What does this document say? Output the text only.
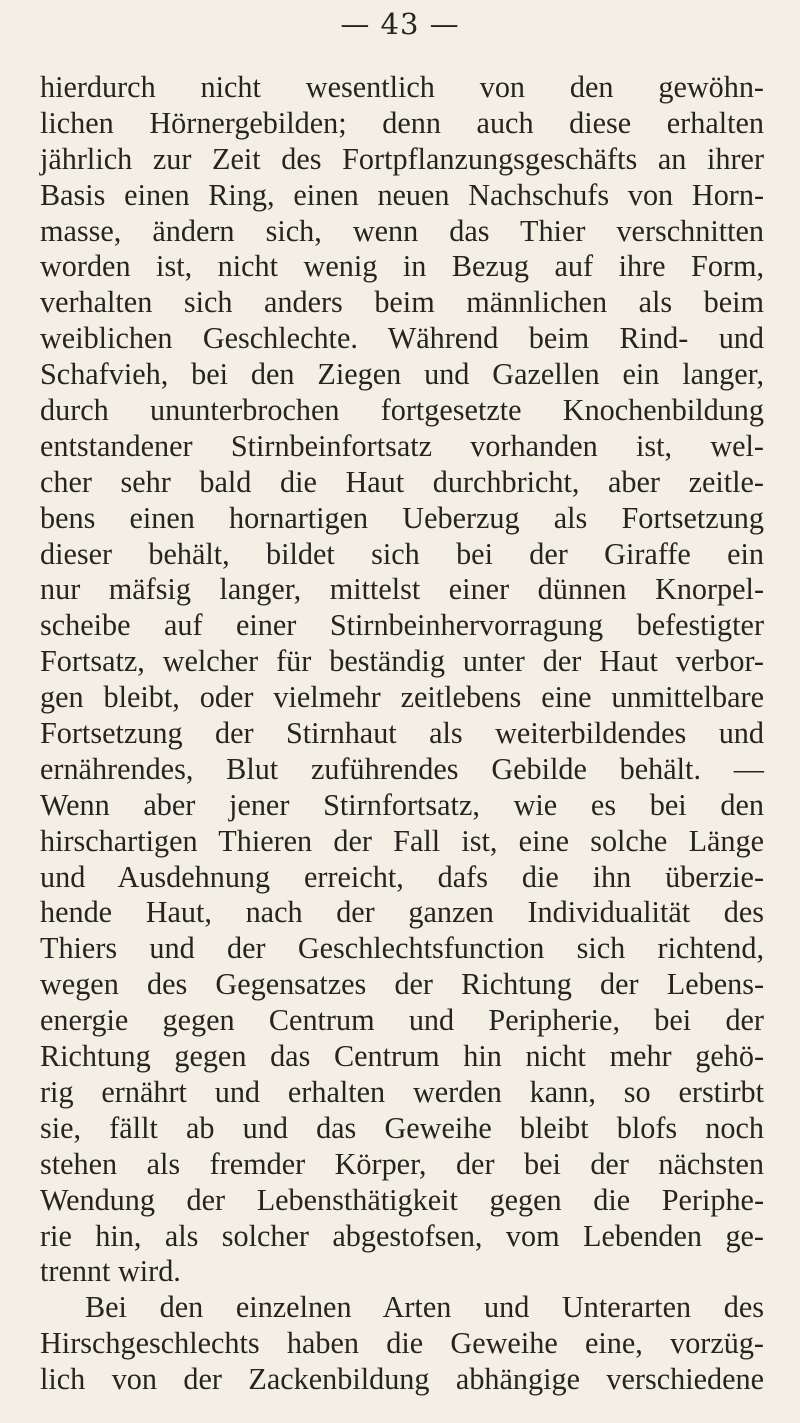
— 43 —
hierdurch nicht wesentlich von den gewöhn-
lichen Hörnergebilden; denn auch diese erhalten
jährlich zur Zeit des Fortpflanzungsgeschäfts an ihrer
Basis einen Ring, einen neuen Nachschufs von Horn-
masse, ändern sich, wenn das Thier verschnitten
worden ist, nicht wenig in Bezug auf ihre Form,
verhalten sich anders beim männlichen als beim
weiblichen Geschlechte. Während beim Rind- und
Schafvieh, bei den Ziegen und Gazellen ein langer,
durch ununterbrochen fortgesetzte Knochenbildung
entstandener Stirnbeinfortsatz vorhanden ist, wel-
cher sehr bald die Haut durchbricht, aber zeitle-
bens einen hornartigen Ueberzug als Fortsetzung
dieser behält, bildet sich bei der Giraffe ein
nur mäfsig langer, mittelst einer dünnen Knorpel-
scheibe auf einer Stirnbeinhervorragung befestigter
Fortsatz, welcher für beständig unter der Haut verbor-
gen bleibt, oder vielmehr zeitlebens eine unmittelbare
Fortsetzung der Stirnhaut als weiterbildendes und
ernährendes, Blut zuführendes Gebilde behält. —
Wenn aber jener Stirnfortsatz, wie es bei den
hirschartigen Thieren der Fall ist, eine solche Länge
und Ausdehnung erreicht, dafs die ihn überzie-
hende Haut, nach der ganzen Individualität des
Thiers und der Geschlechtsfunction sich richtend,
wegen des Gegensatzes der Richtung der Lebens-
energie gegen Centrum und Peripherie, bei der
Richtung gegen das Centrum hin nicht mehr gehö-
rig ernährt und erhalten werden kann, so erstirbt
sie, fällt ab und das Geweihe bleibt blofs noch
stehen als fremder Körper, der bei der nächsten
Wendung der Lebensthätigkeit gegen die Periphe-
rie hin, als solcher abgestofsen, vom Lebenden ge-
trennt wird.
Bei den einzelnen Arten und Unterarten des
Hirschgeschlechts haben die Geweihe eine, vorzüg-
lich von der Zackenbildung abhängige verschiedene
